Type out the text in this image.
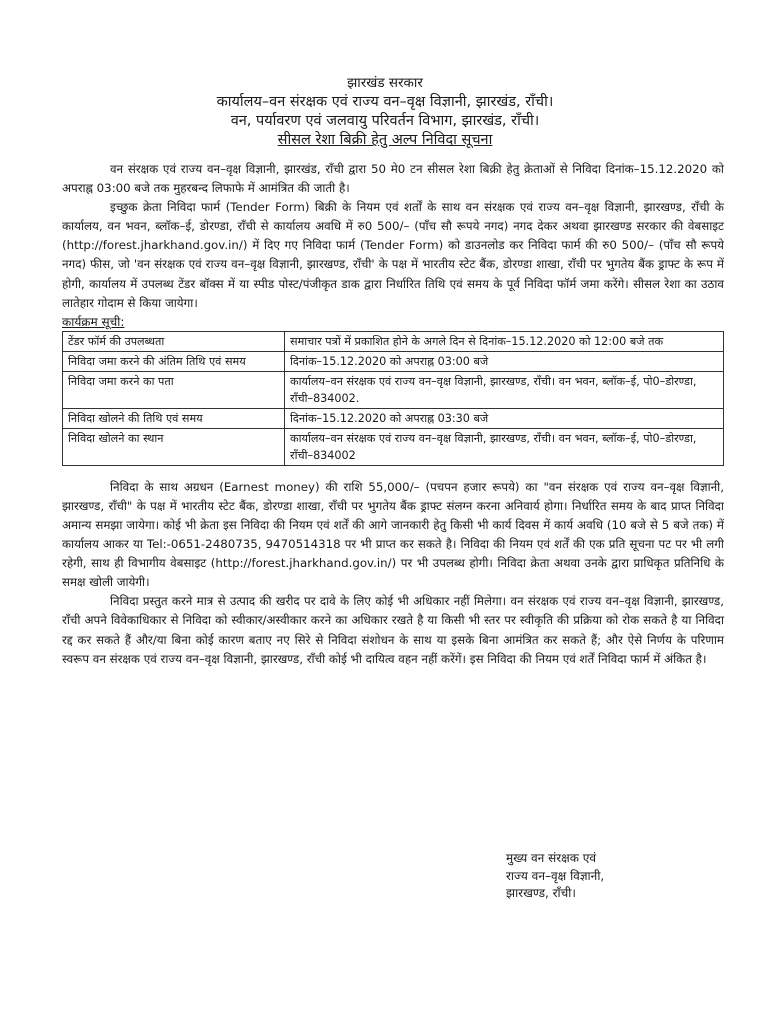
झारखंड सरकार
कार्यालय–वन संरक्षक एवं राज्य वन–वृक्ष विज्ञानी, झारखंड, राँची।
वन, पर्यावरण एवं जलवायु परिवर्तन विभाग, झारखंड, राँची।
सीसल रेशा बिक्री हेतु अल्प निविदा सूचना

वन संरक्षक एवं राज्य वन–वृक्ष विज्ञानी, झारखंड, राँची द्वारा 50 मे0 टन सीसल रेशा बिक्री हेतु क्रेताओं से निविदा दिनांक–15.12.2020 को अपराह्न 03:00 बजे तक मुहरबन्द लिफाफे में आमंत्रित की जाती है।

इच्छुक क्रेता निविदा फार्म (Tender Form) बिक्री के नियम एवं शर्तों के साथ वन संरक्षक एवं राज्य वन–वृक्ष विज्ञानी, झारखण्ड, राँची के कार्यालय, वन भवन, ब्लॉक–ई, डोरण्डा, राँची से कार्यालय अवधि में रु0 500/– (पाँच सौ रूपये नगद) नगद देकर अथवा झारखण्ड सरकार की वेबसाइट (http://forest.jharkhand.gov.in/) में दिए गए निविदा फार्म (Tender Form) को डाउनलोड कर निविदा फार्म की रु0 500/– (पाँच सौ रूपये नगद) फीस, जो 'वन संरक्षक एवं राज्य वन–वृक्ष विज्ञानी, झारखण्ड, राँची' के पक्ष में भारतीय स्टेट बैंक, डोरण्डा शाखा, राँची पर भुगतेय बैंक ड्राफ्ट के रूप में होगी, कार्यालय में उपलब्ध टेंडर बॉक्स में या स्पीड पोस्ट/पंजीकृत डाक द्वारा निर्धारित तिथि एवं समय के पूर्व निविदा फॉर्म जमा करेंगे। सीसल रेशा का उठाव लातेहार गोदाम से किया जायेगा।

कार्यक्रम सूची:
टेंडर फॉर्म की उपलब्धता	समाचार पत्रों में प्रकाशित होने के अगले दिन से दिनांक–15.12.2020 को 12:00 बजे तक
निविदा जमा करने की अंतिम तिथि एवं समय	दिनांक–15.12.2020 को अपराह्न 03:00 बजे
निविदा जमा करने का पता	कार्यालय–वन संरक्षक एवं राज्य वन–वृक्ष विज्ञानी, झारखण्ड, राँची। वन भवन, ब्लॉक–ई, पो0–डोरण्डा, राँची–834002.
निविदा खोलने की तिथि एवं समय	दिनांक–15.12.2020 को अपराह्न 03:30 बजे
निविदा खोलने का स्थान	कार्यालय–वन संरक्षक एवं राज्य वन–वृक्ष विज्ञानी, झारखण्ड, राँची। वन भवन, ब्लॉक–ई, पो0–डोरण्डा, राँची–834002

निविदा के साथ अग्रधन (Earnest money) की राशि 55,000/– (पचपन हजार रूपये) का "वन संरक्षक एवं राज्य वन–वृक्ष विज्ञानी, झारखण्ड, राँची" के पक्ष में भारतीय स्टेट बैंक, डोरण्डा शाखा, राँची पर भुगतेय बैंक ड्राफ्ट संलग्न करना अनिवार्य होगा। निर्धारित समय के बाद प्राप्त निविदा अमान्य समझा जायेगा। कोई भी क्रेता इस निविदा की नियम एवं शर्तें की आगे जानकारी हेतु किसी भी कार्य दिवस में कार्य अवधि (10 बजे से 5 बजे तक) में कार्यालय आकर या Tel:-0651-2480735, 9470514318 पर भी प्राप्त कर सकते है। निविदा की नियम एवं शर्तें की एक प्रति सूचना पट पर भी लगी रहेगी, साथ ही विभागीय वेबसाइट (http://forest.jharkhand.gov.in/) पर भी उपलब्ध होगी। निविदा क्रेता अथवा उनके द्वारा प्राधिकृत प्रतिनिधि के समक्ष खोली जायेगी।

निविदा प्रस्तुत करने मात्र से उत्पाद की खरीद पर दावे के लिए कोई भी अधिकार नहीं मिलेगा। वन संरक्षक एवं राज्य वन–वृक्ष विज्ञानी, झारखण्ड, राँची अपने विवेकाधिकार से निविदा को स्वीकार/अस्वीकार करने का अधिकार रखते है या किसी भी स्तर पर स्वीकृति की प्रक्रिया को रोक सकते है या निविदा रद्द कर सकते हैं और/या बिना कोई कारण बताए नए सिरे से निविदा संशोधन के साथ या इसके बिना आमंत्रित कर सकते हैं; और ऐसे निर्णय के परिणाम स्वरूप वन संरक्षक एवं राज्य वन–वृक्ष विज्ञानी, झारखण्ड, राँची कोई भी दायित्व वहन नहीं करेंगें। इस निविदा की नियम एवं शर्तें निविदा फार्म में अंकित है।

मुख्य वन संरक्षक एवं
राज्य वन–वृक्ष विज्ञानी,
झारखण्ड, राँची।
